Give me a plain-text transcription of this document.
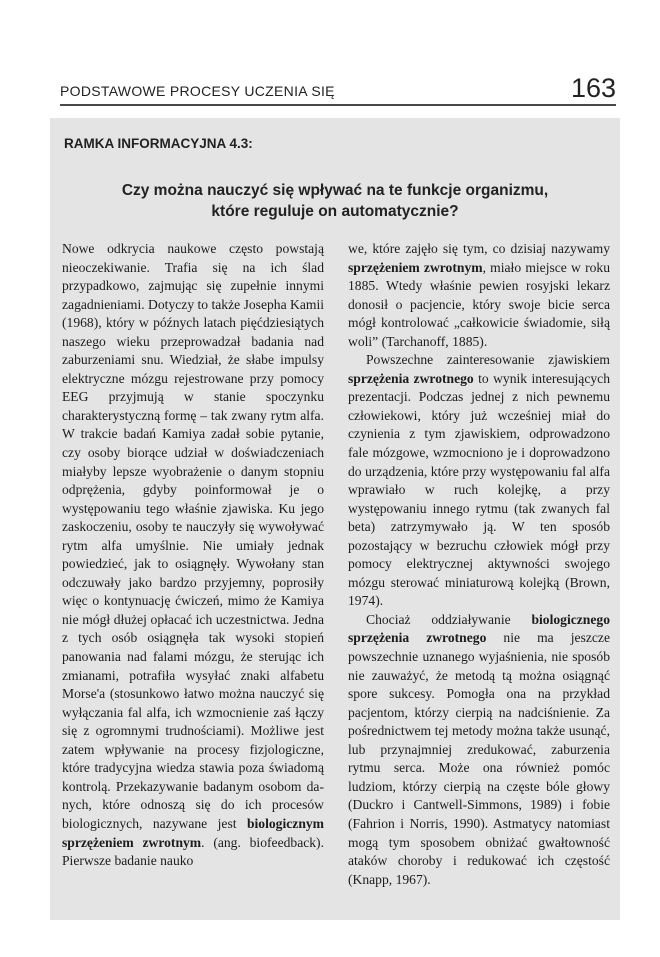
PODSTAWOWE PROCESY UCZENIA SIĘ	163
RAMKA INFORMACYJNA 4.3:
Czy można nauczyć się wpływać na te funkcje organizmu,
które reguluje on automatycznie?

Nowe odkrycia naukowe często powstają nieoczekiwanie. Trafia się na ich ślad przypadkowo, zajmując się zupełnie innymi zagadnieniami. Dotyczy to także Josepha Kamii (1968), który w późnych latach pięćdziesiątych naszego wieku przeprowadzał badania nad zaburzeniami snu. Wiedział, że słabe impulsy elektryczne mózgu rejestrowane przy pomocy EEG przyjmują w stanie spoczynku charakterystyczną formę – tak zwany rytm alfa. W trakcie badań Kamiya zadał sobie pytanie, czy osoby biorące udział w doświadczeniach miałyby lepsze wyobrażenie o danym stopniu odprężenia, gdyby poinformował je o występowaniu tego właśnie zjawiska. Ku jego zaskoczeniu, osoby te nauczyły się wywoływać rytm alfa umyślnie. Nie umiały jednak powiedzieć, jak to osiągnęły. Wywołany stan odczuwały jako bardzo przyjemny, poprosiły więc o kontynuację ćwiczeń, mimo że Kamiya nie mógł dłużej opłacać ich uczestnictwa. Jedna z tych osób osiągnęła tak wysoki stopień panowania nad falami mózgu, że sterując ich zmianami, potrafiła wysyłać znaki alfabetu Morse'a (stosunkowo łatwo można nauczyć się wyłączania fal alfa, ich wzmocnienie zaś łączy się z ogromnymi trudnościami). Możliwe jest zatem wpływanie na procesy fizjologiczne, które tradycyjna wiedza stawia poza świadomą kontrolą. Przekazywanie badanym osobom danych, które odnoszą się do ich procesów biologicznych, nazywane jest biologicznym sprzężeniem zwrotnym. (ang. biofeedback). Pierwsze badanie nauko

we, które zajęło się tym, co dzisiaj nazywamy sprzężeniem zwrotnym, miało miejsce w roku 1885. Wtedy właśnie pewien rosyjski lekarz donosił o pacjencie, który swoje bicie serca mógł kontrolować „całkowicie świadomie, siłą woli” (Tarchanoff, 1885).

Powszechne zainteresowanie zjawiskiem sprzężenia zwrotnego to wynik interesujących prezentacji. Podczas jednej z nich pewnemu człowiekowi, który już wcześniej miał do czynienia z tym zjawiskiem, odprowadzono fale mózgowe, wzmocniono je i doprowadzono do urządzenia, które przy występowaniu fal alfa wprawiało w ruch kolejkę, a przy występowaniu innego rytmu (tak zwanych fal beta) zatrzymywało ją. W ten sposób pozostający w bezruchu człowiek mógł przy pomocy elektrycznej aktywności swojego mózgu sterować miniaturową kolejką (Brown, 1974).

Chociaż oddziaływanie biologicznego sprzężenia zwrotnego nie ma jeszcze powszechnie uznanego wyjaśnienia, nie sposób nie zauważyć, że metodą tą można osiągnąć spore sukcesy. Pomogła ona na przykład pacjentom, którzy cierpią na nadciśnienie. Za pośrednictwem tej metody można także usunąć, lub przynajmniej zredukować, zaburzenia rytmu serca. Może ona również pomóc ludziom, którzy cierpią na częste bóle głowy (Duckro i Cantwell-Simmons, 1989) i fobie (Fahrion i Norris, 1990). Astmatycy natomiast mogą tym sposobem obniżać gwałtowność ataków choroby i redukować ich częstość (Knapp, 1967).
